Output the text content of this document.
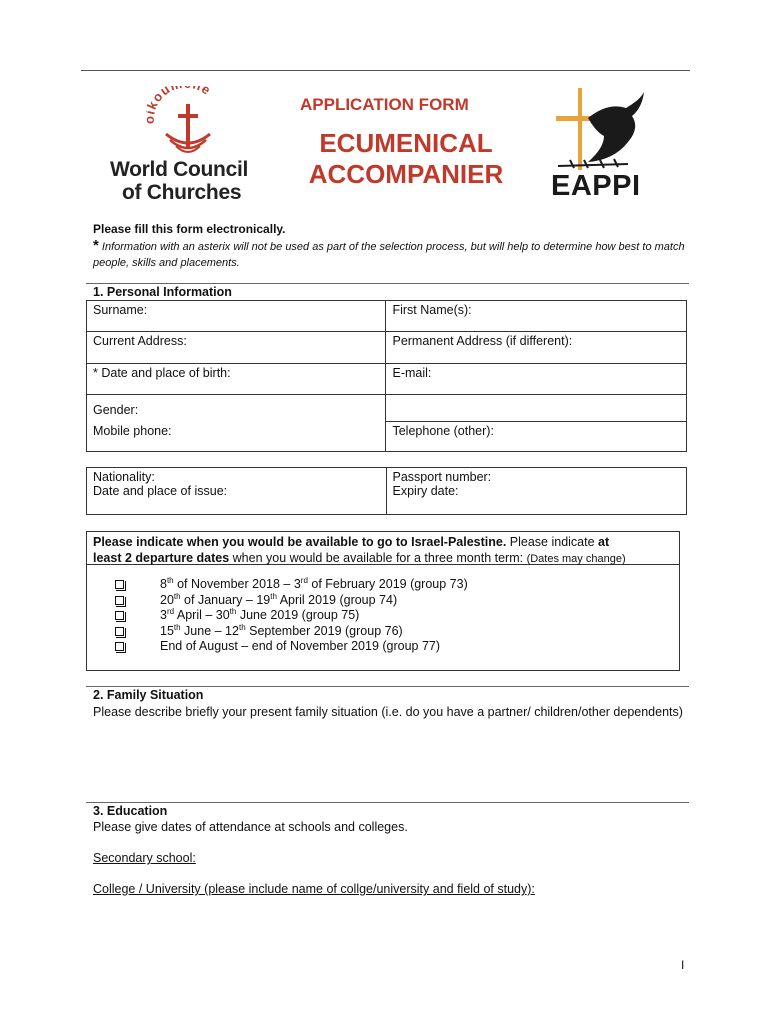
ou e
World Council
of Churches
APPLICATION FORM
ECUMENICAL
ACCOMPANIER	EAPPI
Please fill this form electronically.
* Information with an asterix will not be used as part of the selection process, but will help to determine how best to match people, skills and placements.
1. Personal Information
Surname:	First Name(s):
Current Address:	Permanent Address (if different):
* Date and place of birth:	E-mail:
Gender:	
Mobile phone:	Telephone (other):
Nationality:	Passport number:
Date and place of issue:	Expiry date:
Please indicate when you would be available to go to Israel-Palestine. Please indicate at
least 2 departure dates when you would be available for a three month term: (Dates may change)
8th of November 2018 – 3rd of February 2019 (group 73)
20th of January – 19th April 2019 (group 74)
3rd April – 30th June 2019 (group 75)
15th June – 12th September 2019 (group 76)
End of August – end of November 2019 (group 77)
2. Family Situation
Please describe briefly your present family situation (i.e. do you have a partner/ children/other dependents)
3. Education
Please give dates of attendance at schools and colleges.
Secondary school:
College / University (please include name of collge/university and field of study):
I
